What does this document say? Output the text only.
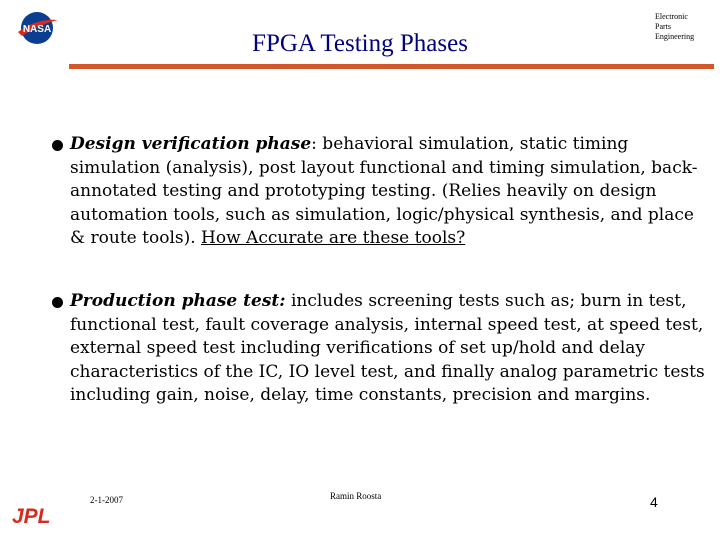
NASA
FPGA Testing Phases
Electronic
Parts
Engineering

Design verification phase: behavioral simulation, static timing simulation (analysis), post layout functional and timing simulation, back-annotated testing and prototyping testing. (Relies heavily on design automation tools, such as simulation, logic/physical synthesis, and place & route tools). How Accurate are these tools?

Production phase test: includes screening tests such as; burn in test, functional test, fault coverage analysis, internal speed test, at speed test, external speed test including verifications of set up/hold and delay characteristics of the IC, IO level test, and finally analog parametric tests including gain, noise, delay, time constants, precision and margins.

2-1-2007	Ramin Roosta	4
JPL
